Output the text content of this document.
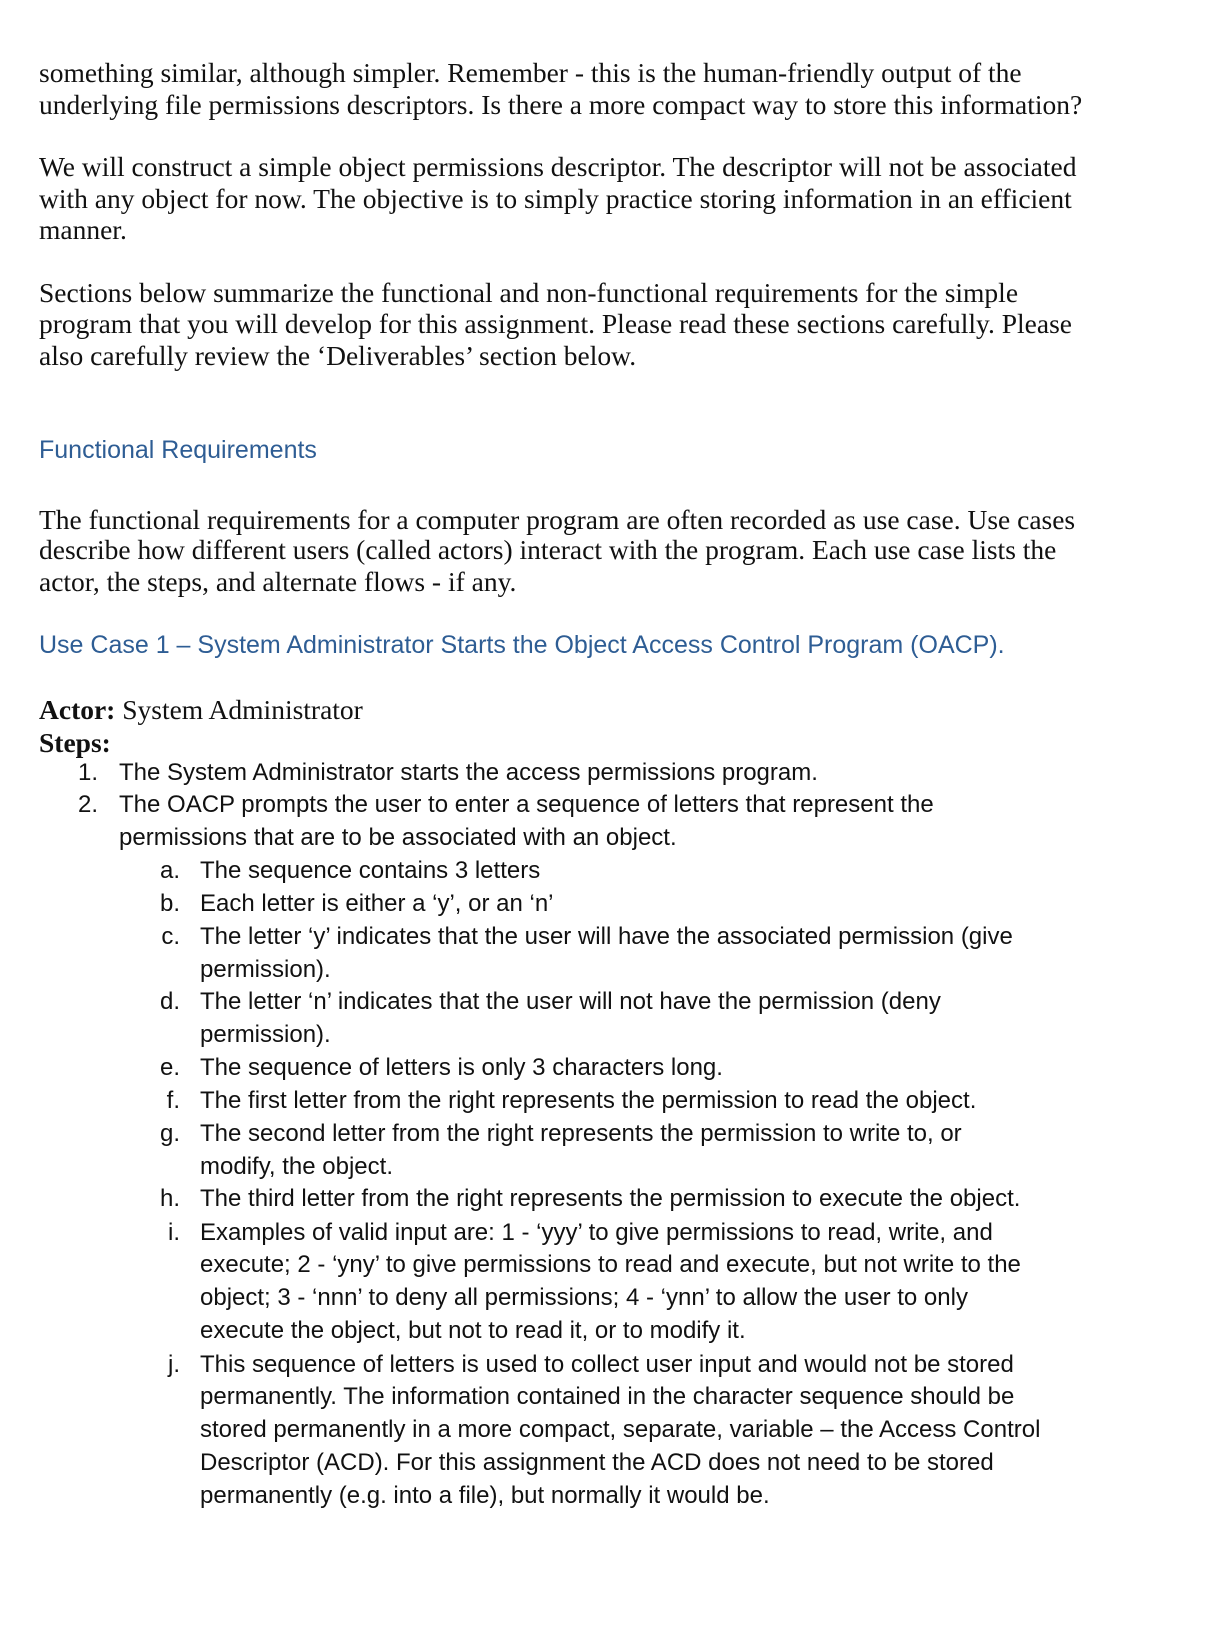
something similar, although simpler. Remember - this is the human-friendly output of the
underlying file permissions descriptors. Is there a more compact way to store this information?
We will construct a simple object permissions descriptor. The descriptor will not be associated
with any object for now. The objective is to simply practice storing information in an efficient
manner.
Sections below summarize the functional and non-functional requirements for the simple
program that you will develop for this assignment. Please read these sections carefully. Please
also carefully review the ‘Deliverables’ section below.
Functional Requirements
The functional requirements for a computer program are often recorded as use case. Use cases
describe how different users (called actors) interact with the program. Each use case lists the
actor, the steps, and alternate flows - if any.
Use Case 1 – System Administrator Starts the Object Access Control Program (OACP).
Actor: System Administrator
Steps:
1. The System Administrator starts the access permissions program.
2. The OACP prompts the user to enter a sequence of letters that represent the
permissions that are to be associated with an object.
a. The sequence contains 3 letters
b. Each letter is either a ‘y’, or an ‘n’
c. The letter ‘y’ indicates that the user will have the associated permission (give
permission).
d. The letter ‘n’ indicates that the user will not have the permission (deny
permission).
e. The sequence of letters is only 3 characters long.
f. The first letter from the right represents the permission to read the object.
g. The second letter from the right represents the permission to write to, or
modify, the object.
h. The third letter from the right represents the permission to execute the object.
i. Examples of valid input are: 1 - ‘yyy’ to give permissions to read, write, and
execute; 2 - ‘yny’ to give permissions to read and execute, but not write to the
object; 3 - ‘nnn’ to deny all permissions; 4 - ‘ynn’ to allow the user to only
execute the object, but not to read it, or to modify it.
j. This sequence of letters is used to collect user input and would not be stored
permanently. The information contained in the character sequence should be
stored permanently in a more compact, separate, variable – the Access Control
Descriptor (ACD). For this assignment the ACD does not need to be stored
permanently (e.g. into a file), but normally it would be.
